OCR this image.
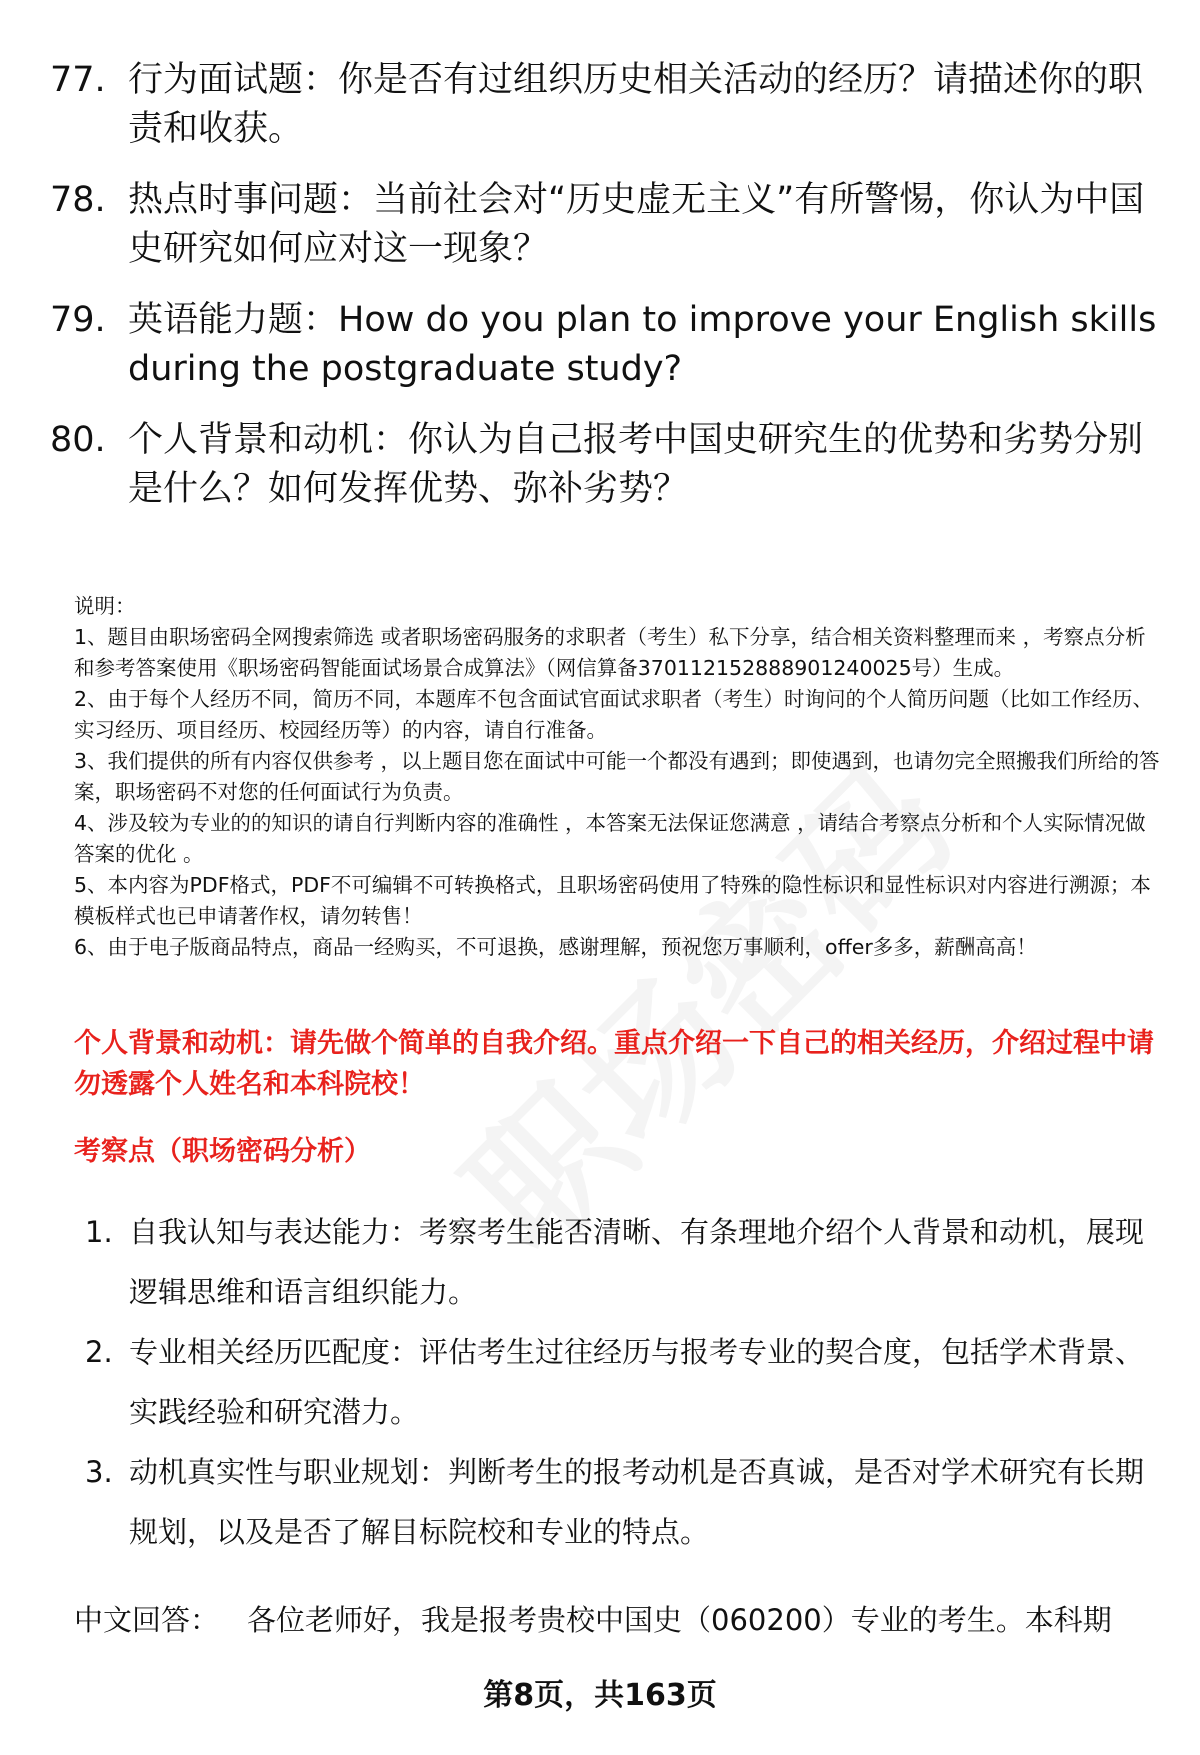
77. 行为面试题：你是否有过组织历史相关活动的经历？请描述你的职责和收获。
78. 热点时事问题：当前社会对“历史虚无主义”有所警惕，你认为中国史研究如何应对这一现象？
79. 英语能力题：How do you plan to improve your English skills during the postgraduate study?
80. 个人背景和动机：你认为自己报考中国史研究生的优势和劣势分别是什么？如何发挥优势、弥补劣势？

说明：

1、题目由职场密码全网搜索筛选 或者职场密码服务的求职者（考生）私下分享，结合相关资料整理而来 ，考察点分析和参考答案使用《职场密码智能面试场景合成算法》（网信算备370112152888901240025号）生成。

2、由于每个人经历不同，简历不同，本题库不包含面试官面试求职者（考生）时询问的个人简历问题（比如工作经历、实习经历、项目经历、校园经历等）的内容，请自行准备。

3、我们提供的所有内容仅供参考 ，以上题目您在面试中可能一个都没有遇到；即使遇到，也请勿完全照搬我们所给的答案，职场密码不对您的任何面试行为负责。

4、涉及较为专业的的知识的请自行判断内容的准确性 ，本答案无法保证您满意 ，请结合考察点分析和个人实际情况做答案的优化 。

5、本内容为PDF格式，PDF不可编辑不可转换格式，且职场密码使用了特殊的隐性标识和显性标识对内容进行溯源；本模板样式也已申请著作权，请勿转售！

6、由于电子版商品特点，商品一经购买，不可退换，感谢理解，预祝您万事顺利，offer多多，薪酬高高！

个人背景和动机：请先做个简单的自我介绍。重点介绍一下自己的相关经历，介绍过程中请勿透露个人姓名和本科院校！
考察点（职场密码分析）
1. 自我认知与表达能力：考察考生能否清晰、有条理地介绍个人背景和动机，展现逻辑思维和语言组织能力。
2. 专业相关经历匹配度：评估考生过往经历与报考专业的契合度，包括学术背景、实践经验和研究潜力。
3. 动机真实性与职业规划：判断考生的报考动机是否真诚，是否对学术研究有长期规划，以及是否了解目标院校和专业的特点。
中文回答： 各位老师好，我是报考贵校中国史（060200）专业的考生。本科期
第8页，共163页
